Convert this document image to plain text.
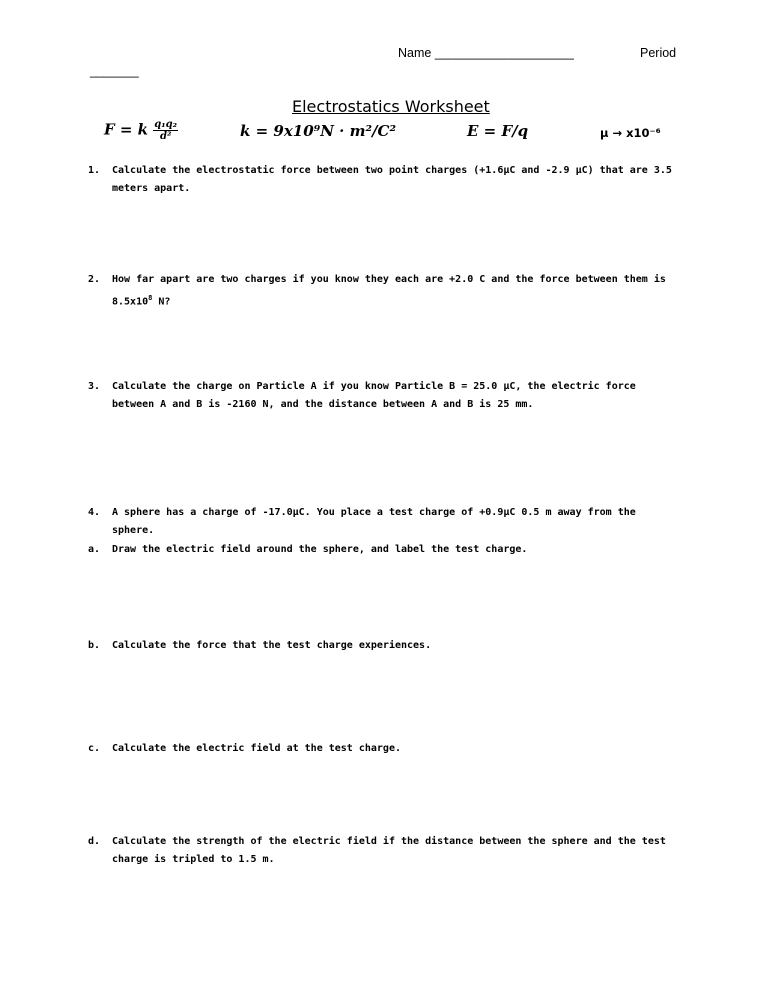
Name ____________________	Period
_______
Electrostatics Worksheet
F = k $\frac{\text{q₁q₂}}{\text{d²}}$	k = 9x10⁹N · m²/C²	E = F/q	μ → x10⁻⁶
1. Calculate the electrostatic force between two point charges (+1.6μC and -2.9 μC) that are 3.5 meters apart.
2. How far apart are two charges if you know they each are +2.0 C and the force between them is $8.5x10^8$ N?
3. Calculate the charge on Particle A if you know Particle B = 25.0 μC, the electric force between A and B is -2160 N, and the distance between A and B is 25 mm.
4. A sphere has a charge of -17.0μC. You place a test charge of +0.9μC 0.5 m away from the sphere.
a. Draw the electric field around the sphere, and label the test charge.
b. Calculate the force that the test charge experiences.
c. Calculate the electric field at the test charge.
d. Calculate the strength of the electric field if the distance between the sphere and the test charge is tripled to 1.5 m.
